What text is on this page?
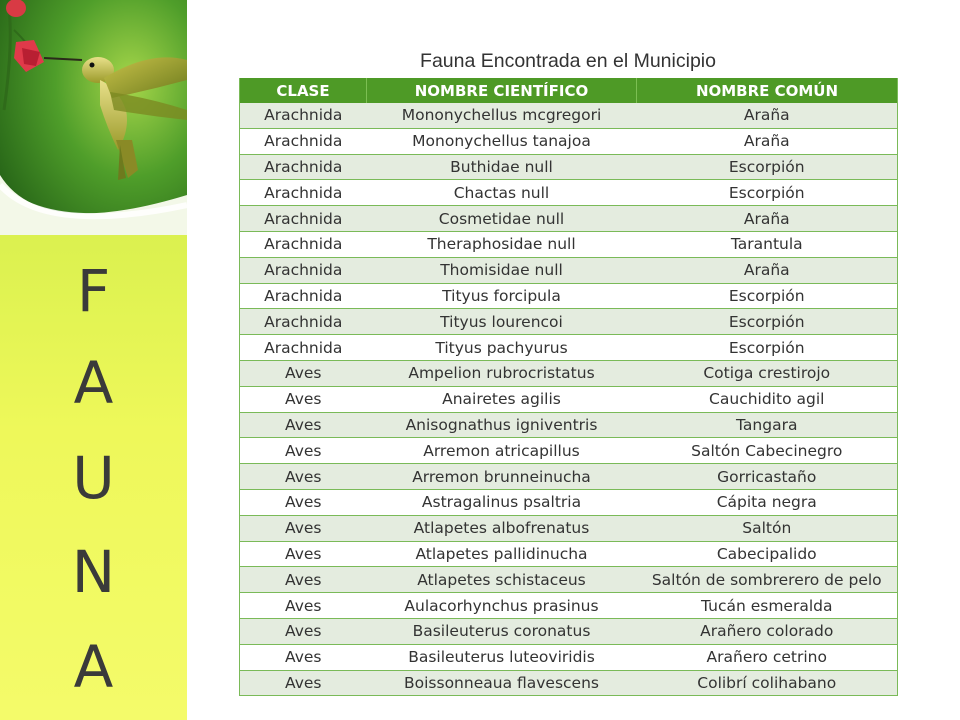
F
A
U
N
A
Fauna Encontrada en el Municipio
CLASE	NOMBRE CIENTÍFICO	NOMBRE COMÚN
Arachnida	Mononychellus mcgregori	Araña
Arachnida	Mononychellus tanajoa	Araña
Arachnida	Buthidae null	Escorpión
Arachnida	Chactas null	Escorpión
Arachnida	Cosmetidae null	Araña
Arachnida	Theraphosidae null	Tarantula
Arachnida	Thomisidae null	Araña
Arachnida	Tityus forcipula	Escorpión
Arachnida	Tityus lourencoi	Escorpión
Arachnida	Tityus pachyurus	Escorpión
Aves	Ampelion rubrocristatus	Cotiga crestirojo
Aves	Anairetes agilis	Cauchidito agil
Aves	Anisognathus igniventris	Tangara
Aves	Arremon atricapillus	Saltón Cabecinegro
Aves	Arremon brunneinucha	Gorricastaño
Aves	Astragalinus psaltria	Cápita negra
Aves	Atlapetes albofrenatus	Saltón
Aves	Atlapetes pallidinucha	Cabecipalido
Aves	Atlapetes schistaceus	Saltón de sombrerero de pelo
Aves	Aulacorhynchus prasinus	Tucán esmeralda
Aves	Basileuterus coronatus	Arañero colorado
Aves	Basileuterus luteoviridis	Arañero cetrino
Aves	Boissonneaua flavescens	Colibrí colihabano
